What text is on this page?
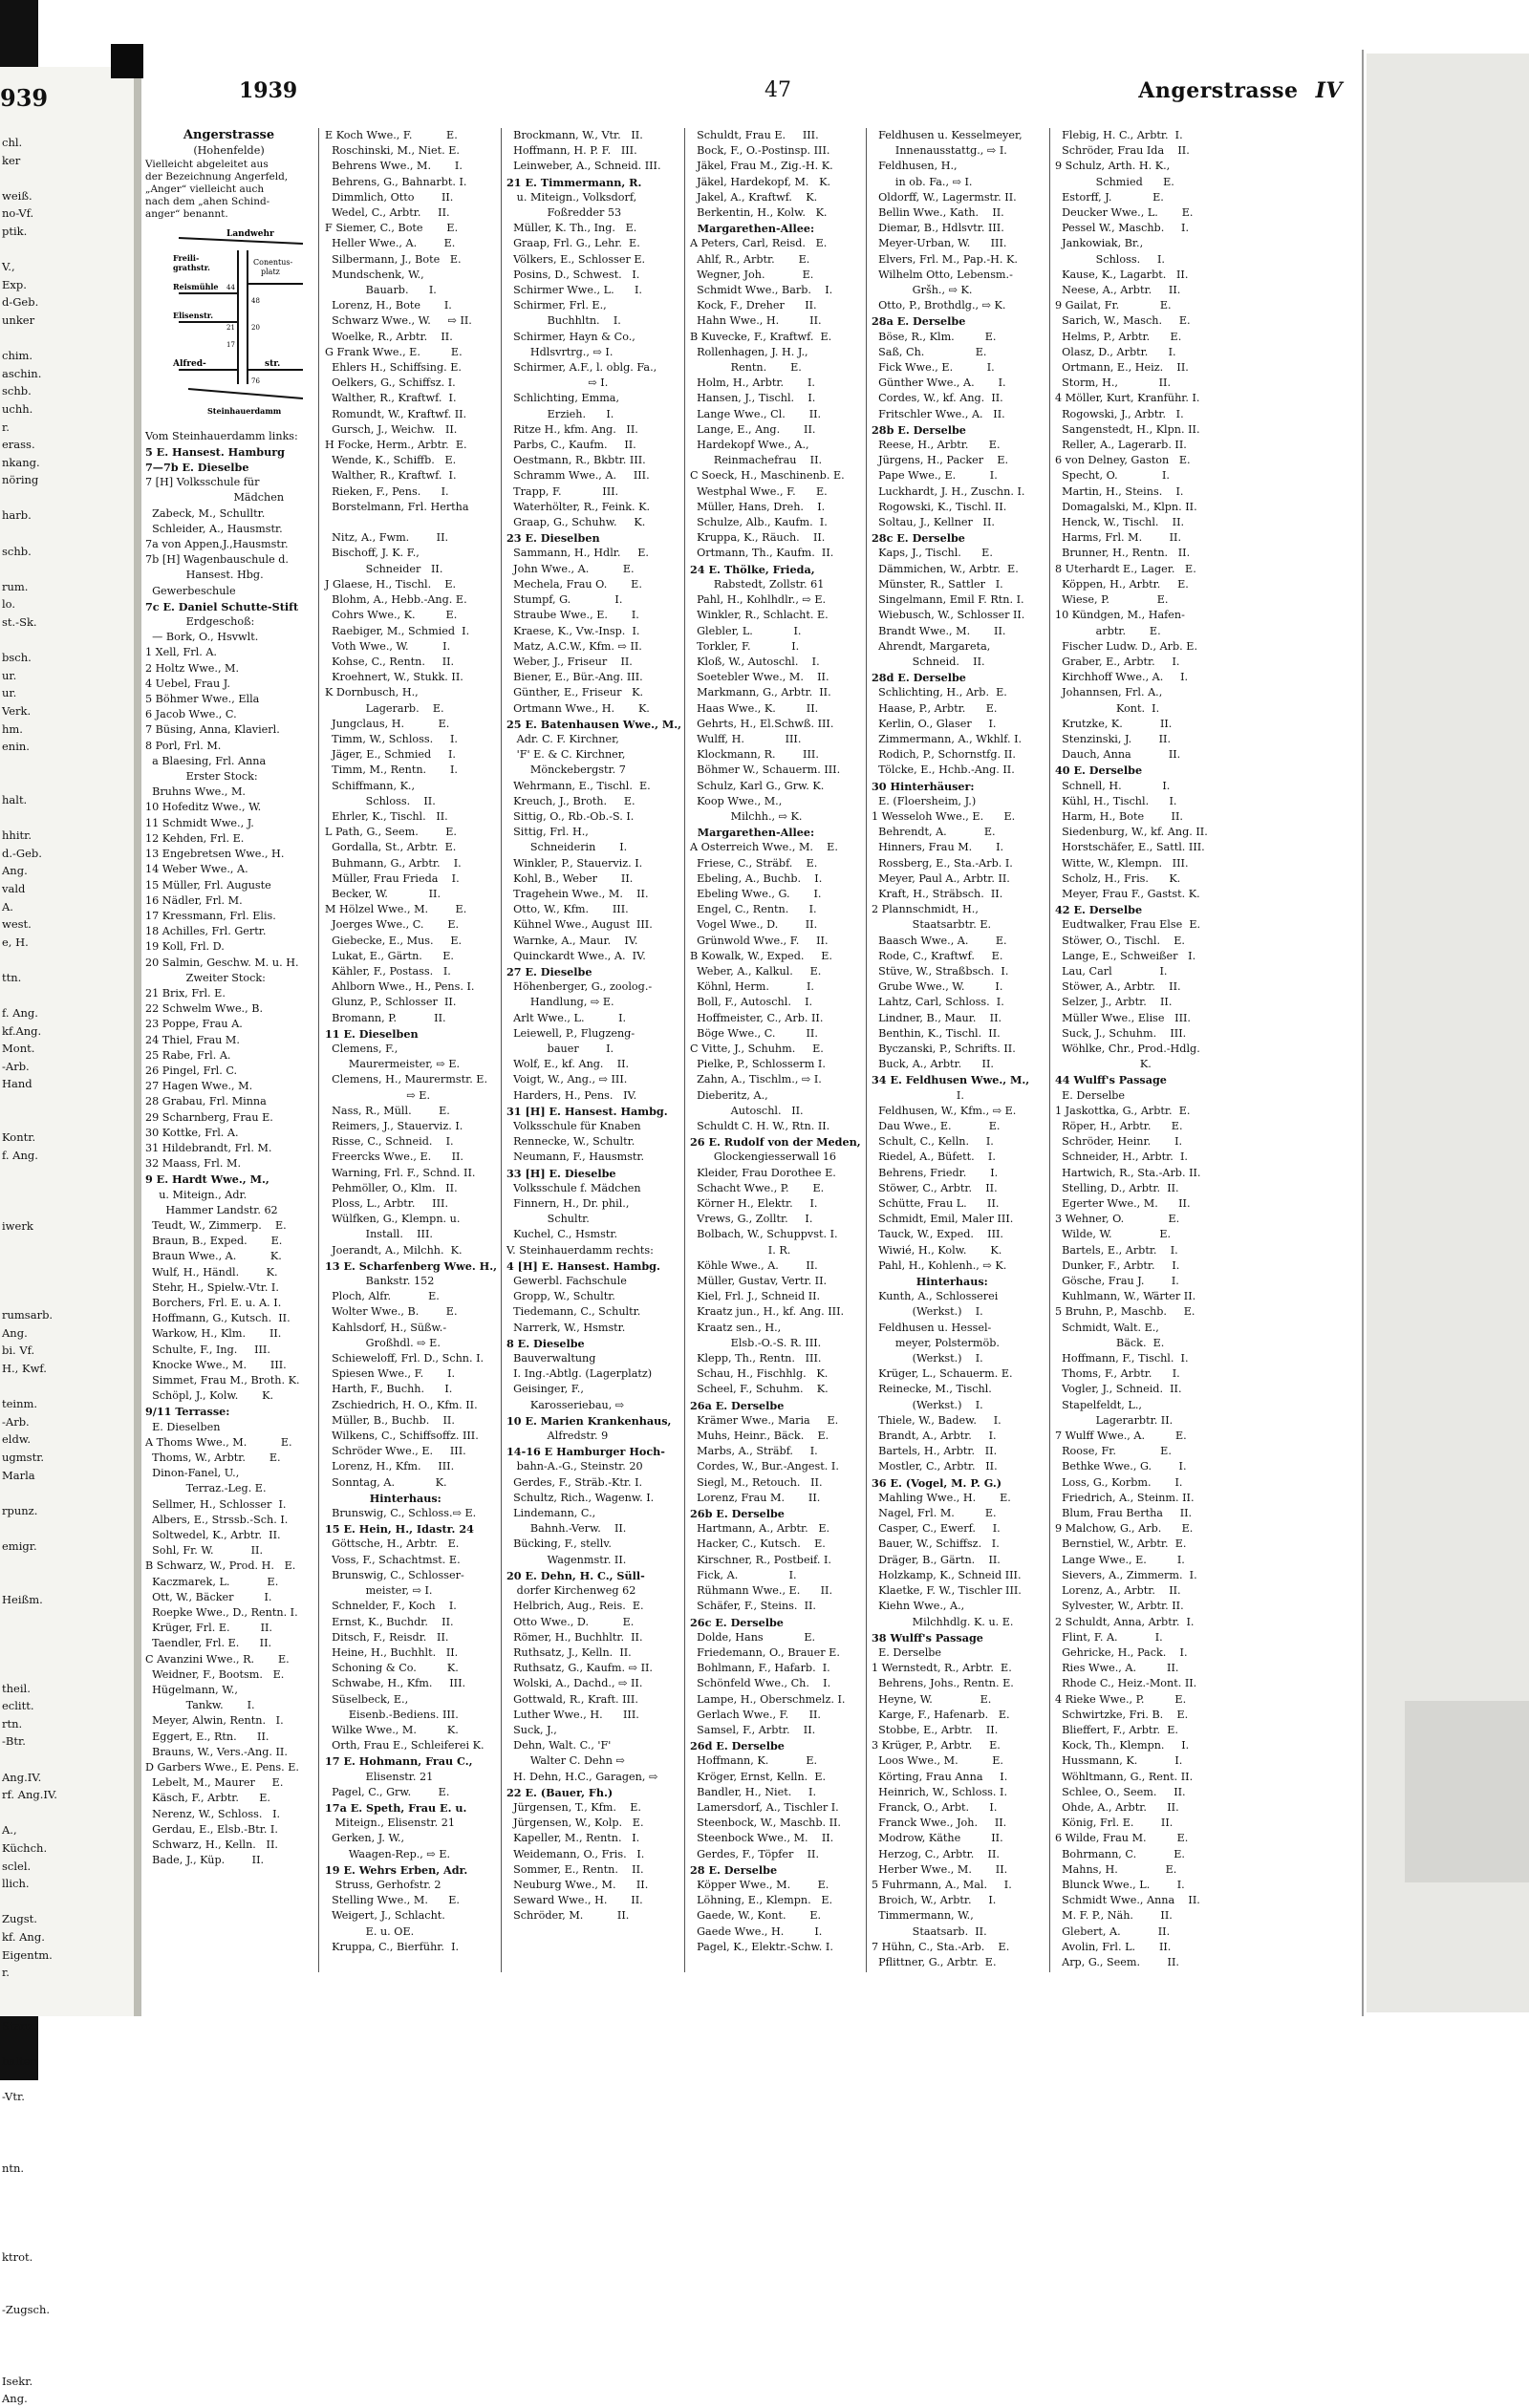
939
chl.
ker

weiß.
no-Vf.
ptik.

V.,
Exp.
d-Geb.
unker

chim.
aschin.
schb.
uchh.
r.
erass.
nkang.
nöring

harb.

schb.

rum.
lo.
st.-Sk.

bsch.
ur.
ur.
Verk.
hm.
enin.

halt.

hhitr.
d.-Geb.
Ang.
vald
A.
west.
e, H.

ttn.

f. Ang.
kf.Ang.
Mont.
-Arb.
Hand

Kontr.
f. Ang.

iwerk

rumsarb.
Ang.
bi. Vf.
H., Kwf.

teinm.
-Arb.
eldw.
ugmstr.
Marla

rpunz.

emigr.

Heißm.

theil.
eclitt.
rtn.
-Btr.

Ang.IV.
rf. Ang.IV.

A.,
Küchch.
sclel.
llich.

Zugst.
kf. Ang.
Eigentm.
r.

Stanz.

halten

-Vtr.

ntn.

ktrot.

-Zugsch.

Isekr.
Ang.
1939	47	Angerstrasse IV
Angerstrasse
(Hohenfelde)
Vielleicht abgeleitet aus
der Bezeichnung Angerfeld,
„Anger“ vielleicht auch
nach dem „ahen Schind-
anger“ benannt.
Landwehr
Freili-
grathstr.
Conentus-
platz
Reismühle 44
48
Elisenstr.
21 20
17
Alfred-	str.
76
Steinhauerdamm
Vom Steinhauerdamm links:
5 E. Hansest. Hamburg
7—7b E. Dieselbe
7 [H] Volksschule für
Mädchen
Zabeck, M., Schulltr.
Schleider, A., Hausmstr.
7a von Appen,J.,Hausmstr.
7b [H] Wagenbauschule d.
Hansest. Hbg.
Gewerbeschule
7c E. Daniel Schutte-Stift
Erdgeschoß:
— Bork, O., Hsvwlt.
1 Xell, Frl. A.
2 Holtz Wwe., M.
4 Uebel, Frau J.
5 Böhmer Wwe., Ella
6 Jacob Wwe., C.
7 Büsing, Anna, Klavierl.
8 Porl, Frl. M.
a Blaesing, Frl. Anna
Erster Stock:
Bruhns Wwe., M.
10 Hofeditz Wwe., W.
11 Schmidt Wwe., J.
12 Kehden, Frl. E.
13 Engebretsen Wwe., H.
14 Weber Wwe., A.
15 Müller, Frl. Auguste
16 Nädler, Frl. M.
17 Kressmann, Frl. Elis.
18 Achilles, Frl. Gertr.
19 Koll, Frl. D.
20 Salmin, Geschw. M. u. H.
Zweiter Stock:
21 Brix, Frl. E.
22 Schwelm Wwe., B.
23 Poppe, Frau A.
24 Thiel, Frau M.
25 Rabe, Frl. A.
26 Pingel, Frl. C.
27 Hagen Wwe., M.
28 Grabau, Frl. Minna
29 Scharnberg, Frau E.
30 Kottke, Frl. A.
31 Hildebrandt, Frl. M.
32 Maass, Frl. M.
9 E. Hardt Wwe., M.,
u. Miteign., Adr.
Hammer Landstr. 62
Teudt, W., Zimmerp.    E.
Braun, B., Exped.       E.
Braun Wwe., A.          K.
Wulf, H., Händl.        K.
Stehr, H., Spielw.-Vtr. I.
Borchers, Frl. E. u. A. I.
Hoffmann, G., Kutsch.  II.
Warkow, H., Klm.       II.
Schulte, F., Ing.     III.
Knocke Wwe., M.       III.
Simmet, Frau M., Broth. K.
Schöpl, J., Kolw.       K.
9/11 Terrasse:
E. Dieselben
A Thoms Wwe., M.          E.
Thoms, W., Arbtr.       E.
Dinon-Fanel, U.,
Terraz.-Leg. E.
Sellmer, H., Schlosser  I.
Albers, E., Strssb.-Sch. I.
Soltwedel, K., Arbtr.  II.
Sohl, Fr. W.           II.
B Schwarz, W., Prod. H.   E.
Kaczmarek, L.           E.
Ott, W., Bäcker         I.
Roepke Wwe., D., Rentn. I.
Krüger, Frl. E.         II.
Taendler, Frl. E.      II.
C Avanzini Wwe., R.       E.
Weidner, F., Bootsm.   E.
Hügelmann, W.,
Tankw.       I.
Meyer, Alwin, Rentn.   I.
Eggert, E., Rtn.      II.
Brauns, W., Vers.-Ang. II.
D Garbers Wwe., E. Pens. E.
Lebelt, M., Maurer     E.
Käsch, F., Arbtr.      E.
Nerenz, W., Schloss.   I.
Gerdau, E., Elsb.-Btr. I.
Schwarz, H., Kelln.   II.
Bade, J., Küp.        II.
E Koch Wwe., F.          E.
Roschinski, M., Niet. E.
Behrens Wwe., M.       I.
Behrens, G., Bahnarbt. I.
Dimmlich, Otto        II.
Wedel, C., Arbtr.     II.
F Siemer, C., Bote       E.
Heller Wwe., A.        E.
Silbermann, J., Bote   E.
Mundschenk, W.,
Bauarb.      I.
Lorenz, H., Bote       I.
Schwarz Wwe., W.     ⇨ II.
Woelke, R., Arbtr.    II.
G Frank Wwe., E.         E.
Ehlers H., Schiffsing. E.
Oelkers, G., Schiffsz. I.
Walther, R., Kraftwf.  I.
Romundt, W., Kraftwf. II.
Gursch, J., Weichw.   II.
H Focke, Herm., Arbtr.  E.
Wende, K., Schiffb.   E.
Walther, R., Kraftwf.  I.
Rieken, F., Pens.      I.
Borstelmann, Frl. Hertha

Nitz, A., Fwm.        II.
Bischoff, J. K. F.,
Schneider   II.
J Glaese, H., Tischl.    E.
Blohm, A., Hebb.-Ang. E.
Cohrs Wwe., K.         E.
Raebiger, M., Schmied  I.
Voth Wwe., W.          I.
Kohse, C., Rentn.     II.
Kroehnert, W., Stukk. II.
K Dornbusch, H.,
Lagerarb.    E.
Jungclaus, H.          E.
Timm, W., Schloss.     I.
Jäger, E., Schmied     I.
Timm, M., Rentn.       I.
Schiffmann, K.,
Schloss.    II.
Ehrler, K., Tischl.   II.
L Path, G., Seem.        E.
Gordalla, St., Arbtr.  E.
Buhmann, G., Arbtr.    I.
Müller, Frau Frieda    I.
Becker, W.            II.
M Hölzel Wwe., M.        E.
Joerges Wwe., C.       E.
Giebecke, E., Mus.     E.
Lukat, E., Gärtn.      E.
Kähler, F., Postass.   I.
Ahlborn Wwe., H., Pens. I.
Glunz, P., Schlosser  II.
Bromann, P.           II.
11 E. Dieselben
Clemens, F.,
Maurermeister, ⇨ E.
Clemens, H., Maurermstr. E.
⇨ E.
Nass, R., Müll.        E.
Reimers, J., Stauerviz. I.
Risse, C., Schneid.    I.
Freercks Wwe., E.      II.
Warning, Frl. F., Schnd. II.
Pehmöller, O., Klm.   II.
Ploss, L., Arbtr.     III.
Wülfken, G., Klempn. u.
Install.    III.
Joerandt, A., Milchh.  K.
13 E. Scharfenberg Wwe. H.,
Bankstr. 152
Ploch, Alfr.           E.
Wolter Wwe., B.        E.
Kahlsdorf, H., Süßw.-
Großhdl. ⇨ E.
Schieweloff, Frl. D., Schn. I.
Spiesen Wwe., F.       I.
Harth, F., Buchh.      I.
Zschiedrich, H. O., Kfm. II.
Müller, B., Buchb.    II.
Wilkens, C., Schiffsoffz. III.
Schröder Wwe., E.     III.
Lorenz, H., Kfm.     III.
Sonntag, A.            K.
Hinterhaus:
Brunswig, C., Schloss.⇨ E.
15 E. Hein, H., Idastr. 24
Göttsche, H., Arbtr.   E.
Voss, F., Schachtmst. E.
Brunswig, C., Schlosser-
meister, ⇨ I.
Schnelder, F., Koch    I.
Ernst, K., Buchdr.    II.
Ditsch, F., Reisdr.   II.
Heine, H., Buchhlt.   II.
Schoning & Co.         K.
Schwabe, H., Kfm.     III.
Süselbeck, E.,
Eisenb.-Bediens. III.
Wilke Wwe., M.         K.
Orth, Frau E., Schleiferei K.
17 E. Hohmann, Frau C.,
Elisenstr. 21
Pagel, C., Grw.        E.
17a E. Speth, Frau E. u.
Miteign., Elisenstr. 21
Gerken, J. W.,
Waagen-Rep., ⇨ E.
19 E. Wehrs Erben, Adr.
Struss, Gerhofstr. 2
Stelling Wwe., M.      E.
Weigert, J., Schlacht.
E. u. OE.
Kruppa, C., Bierführ.  I.
Brockmann, W., Vtr.   II.
Hoffmann, H. P. F.   III.
Leinweber, A., Schneid. III.
21 E. Timmermann, R.
u. Miteign., Volksdorf,
Foßredder 53
Müller, K. Th., Ing.   E.
Graap, Frl. G., Lehr.  E.
Völkers, E., Schlosser E.
Posins, D., Schwest.   I.
Schirmer Wwe., L.      I.
Schirmer, Frl. E.,
Buchhltn.    I.
Schirmer, Hayn & Co.,
Hdlsvrtrg., ⇨ I.
Schirmer, A.F., l. oblg. Fa.,
⇨ I.
Schlichting, Emma,
Erzieh.      I.
Ritze H., kfm. Ang.   II.
Parbs, C., Kaufm.     II.
Oestmann, R., Bkbtr. III.
Schramm Wwe., A.     III.
Trapp, F.            III.
Waterhölter, R., Feink. K.
Graap, G., Schuhw.     K.
23 E. Dieselben
Sammann, H., Hdlr.     E.
John Wwe., A.          E.
Mechela, Frau O.       E.
Stumpf, G.             I.
Straube Wwe., E.       I.
Kraese, K., Vw.-Insp.  I.
Matz, A.C.W., Kfm. ⇨ II.
Weber, J., Friseur    II.
Biener, E., Bür.-Ang. III.
Günther, E., Friseur   K.
Ortmann Wwe., H.       K.
25 E. Batenhausen Wwe., M.,
Adr. C. F. Kirchner,
'F' E. & C. Kirchner,
Mönckebergstr. 7
Wehrmann, E., Tischl.  E.
Kreuch, J., Broth.     E.
Sittig, O., Rb.-Ob.-S. I.
Sittig, Frl. H.,
Schneiderin       I.
Winkler, P., Stauerviz. I.
Kohl, B., Weber       II.
Tragehein Wwe., M.    II.
Otto, W., Kfm.       III.
Kühnel Wwe., August  III.
Warnke, A., Maur.    IV.
Quinckardt Wwe., A.  IV.
27 E. Dieselbe
Höhenberger, G., zoolog.-
Handlung, ⇨ E.
Arlt Wwe., L.          I.
Leiewell, P., Flugzeng-
bauer        I.
Wolf, E., kf. Ang.    II.
Voigt, W., Ang., ⇨ III.
Harders, H., Pens.   IV.
31 [H] E. Hansest. Hambg.
Volksschule für Knaben
Rennecke, W., Schultr.
Neumann, F., Hausmstr.
33 [H] E. Dieselbe
Volksschule f. Mädchen
Finnern, H., Dr. phil.,
Schultr.
Kuchel, C., Hsmstr.
V. Steinhauerdamm rechts:
4 [H] E. Hansest. Hambg.
Gewerbl. Fachschule
Gropp, W., Schultr.
Tiedemann, C., Schultr.
Narrerk, W., Hsmstr.
8 E. Dieselbe
Bauverwaltung
I. Ing.-Abtlg. (Lagerplatz)
Geisinger, F.,
Karosseriebau, ⇨
10 E. Marien Krankenhaus,
Alfredstr. 9
14-16 E Hamburger Hoch-
bahn-A.-G., Steinstr. 20
Gerdes, F., Sträb.-Ktr. I.
Schultz, Rich., Wagenw. I.
Lindemann, C.,
Bahnh.-Verw.    II.
Bücking, F., stellv.
Wagenmstr. II.
20 E. Dehn, H. C., Süll-
dorfer Kirchenweg 62
Helbrich, Aug., Reis.  E.
Otto Wwe., D.          E.
Römer, H., Buchhltr.  II.
Ruthsatz, J., Kelln.  II.
Ruthsatz, G., Kaufm. ⇨ II.
Wolski, A., Dachd., ⇨ II.
Gottwald, R., Kraft. III.
Luther Wwe., H.      III.
Suck, J.,
Dehn, Walt. C., 'F'
Walter C. Dehn ⇨
H. Dehn, H.C., Garagen, ⇨
22 E. (Bauer, Fh.)
Jürgensen, T., Kfm.    E.
Jürgensen, W., Kolp.   E.
Kapeller, M., Rentn.   I.
Weidemann, O., Fris.   I.
Sommer, E., Rentn.    II.
Neuburg Wwe., M.      II.
Seward Wwe., H.       II.
Schröder, M.          II.
Schuldt, Frau E.     III.
Bock, F., O.-Postinsp. III.
Jäkel, Frau M., Zig.-H. K.
Jäkel, Hardekopf, M.   K.
Jakel, A., Kraftwf.    K.
Berkentin, H., Kolw.   K.
Margarethen-Allee:
A Peters, Carl, Reisd.   E.
Ahlf, R., Arbtr.       E.
Wegner, Joh.           E.
Schmidt Wwe., Barb.    I.
Kock, F., Dreher      II.
Hahn Wwe., H.         II.
B Kuvecke, F., Kraftwf.  E.
Rollenhagen, J. H. J.,
Rentn.       E.
Holm, H., Arbtr.       I.
Hansen, J., Tischl.    I.
Lange Wwe., Cl.       II.
Lange, E., Ang.       II.
Hardekopf Wwe., A.,
Reinmachefrau    II.
C Soeck, H., Maschinenb. E.
Westphal Wwe., F.      E.
Müller, Hans, Dreh.    I.
Schulze, Alb., Kaufm.  I.
Kruppa, K., Räuch.    II.
Ortmann, Th., Kaufm.  II.
24 E. Thölke, Frieda,
Rabstedt, Zollstr. 61
Pahl, H., Kohlhdlr., ⇨ E.
Winkler, R., Schlacht. E.
Glebler, L.            I.
Torkler, F.            I.
Kloß, W., Autoschl.    I.
Soetebler Wwe., M.    II.
Markmann, G., Arbtr.  II.
Haas Wwe., K.         II.
Gehrts, H., El.Schwß. III.
Wulff, H.            III.
Klockmann, R.        III.
Böhmer W., Schauerm. III.
Schulz, Karl G., Grw. K.
Koop Wwe., M.,
Milchh., ⇨ K.
Margarethen-Allee:
A Osterreich Wwe., M.    E.
Friese, C., Sträbf.    E.
Ebeling, A., Buchb.    I.
Ebeling Wwe., G.       I.
Engel, C., Rentn.      I.
Vogel Wwe., D.        II.
Grünwold Wwe., F.     II.
B Kowalk, W., Exped.     E.
Weber, A., Kalkul.     E.
Köhnl, Herm.           I.
Boll, F., Autoschl.    I.
Hoffmeister, C., Arb. II.
Böge Wwe., C.         II.
C Vitte, J., Schuhm.     E.
Pielke, P., Schlosserm I.
Zahn, A., Tischlm., ⇨ I.
Dieberitz, A.,
Autoschl.   II.
Schuldt C. H. W., Rtn. II.
26 E. Rudolf von der Meden,
Glockengiesserwall 16
Kleider, Frau Dorothee E.
Schacht Wwe., P.       E.
Körner H., Elektr.     I.
Vrews, G., Zolltr.     I.
Bolbach, W., Schuppvst. I.
I. R.
Köhle Wwe., A.        II.
Müller, Gustav, Vertr. II.
Kiel, Frl. J., Schneid II.
Kraatz jun., H., kf. Ang. III.
Kraatz sen., H.,
Elsb.-O.-S. R. III.
Klepp, Th., Rentn.   III.
Schau, H., Fischhlg.   K.
Scheel, F., Schuhm.    K.
26a E. Derselbe
Krämer Wwe., Maria     E.
Muhs, Heinr., Bäck.    E.
Marbs, A., Sträbf.     I.
Cordes, W., Bur.-Angest. I.
Siegl, M., Retouch.   II.
Lorenz, Frau M.       II.
26b E. Derselbe
Hartmann, A., Arbtr.   E.
Hacker, C., Kutsch.    E.
Kirschner, R., Postbeif. I.
Fick, A.               I.
Rühmann Wwe., E.      II.
Schäfer, F., Steins.  II.
26c E. Derselbe
Dolde, Hans            E.
Friedemann, O., Brauer E.
Bohlmann, F., Hafarb.  I.
Schönfeld Wwe., Ch.    I.
Lampe, H., Oberschmelz. I.
Gerlach Wwe., F.      II.
Samsel, F., Arbtr.    II.
26d E. Derselbe
Hoffmann, K.           E.
Kröger, Ernst, Kelln.  E.
Bandler, H., Niet.     I.
Lamersdorf, A., Tischler I.
Steenbock, W., Maschb. II.
Steenbock Wwe., M.    II.
Gerdes, F., Töpfer    II.
28 E. Derselbe
Köpper Wwe., M.        E.
Löhning, E., Klempn.   E.
Gaede, W., Kont.       E.
Gaede Wwe., H.         I.
Pagel, K., Elektr.-Schw. I.
Feldhusen u. Kesselmeyer,
Innenausstattg., ⇨ I.
Feldhusen, H.,
in ob. Fa., ⇨ I.
Oldorff, W., Lagermstr. II.
Bellin Wwe., Kath.    II.
Diemar, B., Hdlsvtr. III.
Meyer-Urban, W.      III.
Elvers, Frl. M., Pap.-H. K.
Wilhelm Otto, Lebensm.-
Gršh., ⇨ K.
Otto, P., Brothdlg., ⇨ K.
28a E. Derselbe
Böse, R., Klm.         E.
Saß, Ch.               E.
Fick Wwe., E.          I.
Günther Wwe., A.       I.
Cordes, W., kf. Ang.  II.
Fritschler Wwe., A.   II.
28b E. Derselbe
Reese, H., Arbtr.      E.
Jürgens, H., Packer    E.
Pape Wwe., E.          I.
Luckhardt, J. H., Zuschn. I.
Rogowski, K., Tischl. II.
Soltau, J., Kellner   II.
28c E. Derselbe
Kaps, J., Tischl.      E.
Dämmichen, W., Arbtr.  E.
Münster, R., Sattler   I.
Singelmann, Emil F. Rtn. I.
Wiebusch, W., Schlosser II.
Brandt Wwe., M.       II.
Ahrendt, Margareta,
Schneid.    II.
28d E. Derselbe
Schlichting, H., Arb.  E.
Haase, P., Arbtr.      E.
Kerlin, O., Glaser     I.
Zimmermann, A., Wkhlf. I.
Rodich, P., Schornstfg. II.
Tölcke, E., Hchb.-Ang. II.
30 Hinterhäuser:
E. (Floersheim, J.)
1 Wesseloh Wwe., E.      E.
Behrendt, A.           E.
Hinners, Frau M.       I.
Rossberg, E., Sta.-Arb. I.
Meyer, Paul A., Arbtr. II.
Kraft, H., Sträbsch.  II.
2 Plannschmidt, H.,
Staatsarbtr. E.
Baasch Wwe., A.        E.
Rode, C., Kraftwf.     E.
Stüve, W., Straßbsch.  I.
Grube Wwe., W.         I.
Lahtz, Carl, Schloss.  I.
Lindner, B., Maur.    II.
Benthin, K., Tischl.  II.
Byczanski, P., Schrifts. II.
Buck, A., Arbtr.      II.
34 E. Feldhusen Wwe., M.,
I.
Feldhusen, W., Kfm., ⇨ E.
Dau Wwe., E.           E.
Schult, C., Kelln.     I.
Riedel, A., Büfett.    I.
Behrens, Friedr.       I.
Stöwer, C., Arbtr.    II.
Schütte, Frau L.      II.
Schmidt, Emil, Maler III.
Tauck, W., Exped.    III.
Wiwié, H., Kolw.       K.
Pahl, H., Kohlenh., ⇨ K.
Hinterhaus:
Kunth, A., Schlosserei
(Werkst.)    I.
Feldhusen u. Hessel-
meyer, Polstermöb.
(Werkst.)    I.
Krüger, L., Schauerm. E.
Reinecke, M., Tischl.
(Werkst.)    I.
Thiele, W., Badew.     I.
Brandt, A., Arbtr.     I.
Bartels, H., Arbtr.   II.
Mostler, C., Arbtr.   II.
36 E. (Vogel, M. P. G.)
Mahling Wwe., H.       E.
Nagel, Frl. M.         E.
Casper, C., Ewerf.     I.
Bauer, W., Schiffsz.   I.
Dräger, B., Gärtn.    II.
Holzkamp, K., Schneid III.
Klaetke, F. W., Tischler III.
Kiehn Wwe., A.,
Milchhdlg. K. u. E.
38 Wulff's Passage
E. Derselbe
1 Wernstedt, R., Arbtr.  E.
Behrens, Johs., Rentn. E.
Heyne, W.              E.
Karge, F., Hafenarb.   E.
Stobbe, E., Arbtr.    II.
3 Krüger, P., Arbtr.     E.
Loos Wwe., M.          E.
Körting, Frau Anna     I.
Heinrich, W., Schloss. I.
Franck, O., Arbt.      I.
Franck Wwe., Joh.     II.
Modrow, Käthe         II.
Herzog, C., Arbtr.    II.
Herber Wwe., M.       II.
5 Fuhrmann, A., Mal.     I.
Broich, W., Arbtr.     I.
Timmermann, W.,
Staatsarb.  II.
7 Hühn, C., Sta.-Arb.    E.
Pflittner, G., Arbtr.  E.
Flebig, H. C., Arbtr.  I.
Schröder, Frau Ida    II.
9 Schulz, Arth. H. K.,
Schmied      E.
Estorff, J.            E.
Deucker Wwe., L.       E.
Pessel W., Maschb.     I.
Jankowiak, Br.,
Schloss.     I.
Kause, K., Lagarbt.   II.
Neese, A., Arbtr.     II.
9 Gailat, Fr.            E.
Sarich, W., Masch.     E.
Helms, P., Arbtr.      E.
Olasz, D., Arbtr.      I.
Ortmann, E., Heiz.    II.
Storm, H.,            II.
4 Möller, Kurt, Kranführ. I.
Rogowski, J., Arbtr.   I.
Sangenstedt, H., Klpn. II.
Reller, A., Lagerarb. II.
6 von Delney, Gaston   E.
Specht, O.             I.
Martin, H., Steins.    I.
Domagalski, M., Klpn. II.
Henck, W., Tischl.    II.
Harms, Frl. M.        II.
Brunner, H., Rentn.   II.
8 Uterhardt E., Lager.   E.
Köppen, H., Arbtr.     E.
Wiese, P.              E.
10 Kündgen, M., Hafen-
arbtr.       E.
Fischer Ludw. D., Arb. E.
Graber, E., Arbtr.     I.
Kirchhoff Wwe., A.     I.
Johannsen, Frl. A.,
Kont.  I.
Krutzke, K.           II.
Stenzinski, J.        II.
Dauch, Anna           II.
40 E. Derselbe
Schnell, H.            I.
Kühl, H., Tischl.      I.
Harm, H., Bote        II.
Siedenburg, W., kf. Ang. II.
Horstschäfer, E., Sattl. III.
Witte, W., Klempn.   III.
Scholz, H., Fris.      K.
Meyer, Frau F., Gastst. K.
42 E. Derselbe
Eudtwalker, Frau Else  E.
Stöwer, O., Tischl.    E.
Lange, E., Schweißer   I.
Lau, Carl              I.
Stöwer, A., Arbtr.    II.
Selzer, J., Arbtr.    II.
Müller Wwe., Elise   III.
Suck, J., Schuhm.    III.
Wöhlke, Chr., Prod.-Hdlg.
K.
44 Wulff's Passage
E. Derselbe
1 Jaskottka, G., Arbtr.  E.
Röper, H., Arbtr.      E.
Schröder, Heinr.       I.
Schneider, H., Arbtr.  I.
Hartwich, R., Sta.-Arb. II.
Stelling, D., Arbtr.  II.
Egerter Wwe., M.      II.
3 Wehner, O.             E.
Wilde, W.              E.
Bartels, E., Arbtr.    I.
Dunker, F., Arbtr.     I.
Gösche, Frau J.        I.
Kuhlmann, W., Wärter II.
5 Bruhn, P., Maschb.     E.
Schmidt, Walt. E.,
Bäck.  E.
Hoffmann, F., Tischl.  I.
Thoms, F., Arbtr.      I.
Vogler, J., Schneid.  II.
Stapelfeldt, L.,
Lagerarbtr. II.
7 Wulff Wwe., A.         E.
Roose, Fr.             E.
Bethke Wwe., G.        I.
Loss, G., Korbm.       I.
Friedrich, A., Steinm. II.
Blum, Frau Bertha     II.
9 Malchow, G., Arb.      E.
Bernstiel, W., Arbtr.  E.
Lange Wwe., E.         I.
Sievers, A., Zimmerm.  I.
Lorenz, A., Arbtr.    II.
Sylvester, W., Arbtr. II.
2 Schuldt, Anna, Arbtr.  I.
Flint, F. A.           I.
Gehricke, H., Pack.    I.
Ries Wwe., A.         II.
Rhode C., Heiz.-Mont. II.
4 Rieke Wwe., P.         E.
Schwirtzke, Fri. B.    E.
Blieffert, F., Arbtr.  E.
Kock, Th., Klempn.     I.
Hussmann, K.           I.
Wöhltmann, G., Rent. II.
Schlee, O., Seem.     II.
Ohde, A., Arbtr.      II.
König, Frl. E.        II.
6 Wilde, Frau M.         E.
Bohrmann, C.           E.
Mahns, H.              E.
Blunck Wwe., L.        I.
Schmidt Wwe., Anna    II.
M. F. P., Näh.        II.
Glebert, A.           II.
Avolin, Frl. L.       II.
Arp, G., Seem.        II.
